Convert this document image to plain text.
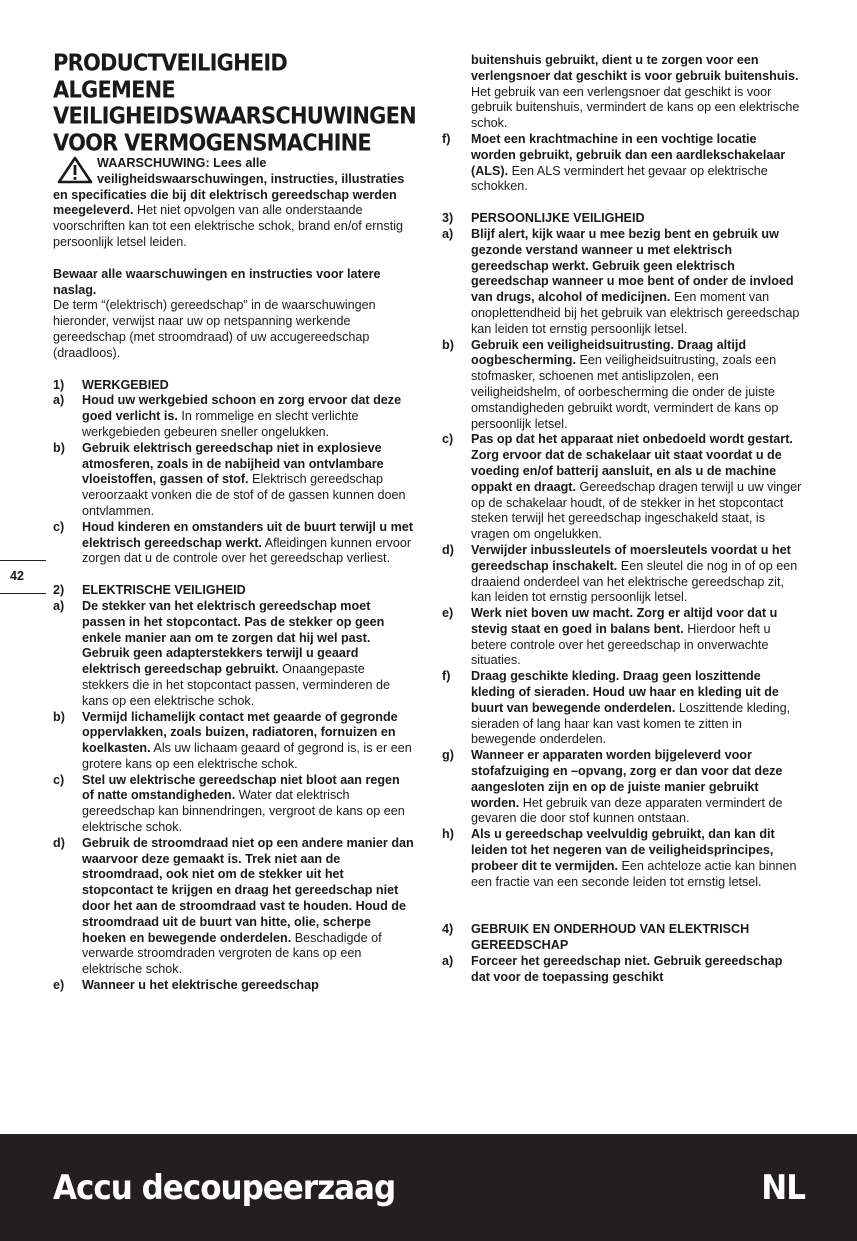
PRODUCTVEILIGHEID ALGEMENE VEILIGHEIDSWAARSCHUWINGEN VOOR VERMOGENSMACHINE
WAARSCHUWING: Lees alle veiligheidswaarschuwingen, instructies, illustraties en specificaties die bij dit elektrisch gereedschap werden meegeleverd. Het niet opvolgen van alle onderstaande voorschriften kan tot een elektrische schok, brand en/of ernstig persoonlijk letsel leiden.
Bewaar alle waarschuwingen en instructies voor latere naslag.
De term “(elektrisch) gereedschap” in de waarschuwingen hieronder, verwijst naar uw op netspanning werkende gereedschap (met stroomdraad) of uw accugereedschap (draadloos).
1)	WERKGEBIED
a)	Houd uw werkgebied schoon en zorg ervoor dat deze goed verlicht is. In rommelige en slecht verlichte werkgebieden gebeuren sneller ongelukken.
b)	Gebruik elektrisch gereedschap niet in explosieve atmosferen, zoals in de nabijheid van ontvlambare vloeistoffen, gassen of stof. Elektrisch gereedschap veroorzaakt vonken die de stof of de gassen kunnen doen ontvlammen.
c)	Houd kinderen en omstanders uit de buurt terwijl u met elektrisch gereedschap werkt. Afleidingen kunnen ervoor zorgen dat u de controle over het gereedschap verliest.
2)	ELEKTRISCHE VEILIGHEID
a)	De stekker van het elektrisch gereedschap moet passen in het stopcontact. Pas de stekker op geen enkele manier aan om te zorgen dat hij wel past. Gebruik geen adapterstekkers terwijl u geaard elektrisch gereedschap gebruikt. Onaangepaste stekkers die in het stopcontact passen, verminderen de kans op een elektrische schok.
b)	Vermijd lichamelijk contact met geaarde of gegronde oppervlakken, zoals buizen, radiatoren, fornuizen en koelkasten. Als uw lichaam geaard of gegrond is, is er een grotere kans op een elektrische schok.
c)	Stel uw elektrische gereedschap niet bloot aan regen of natte omstandigheden. Water dat elektrisch gereedschap kan binnendringen, vergroot de kans op een elektrische schok.
d)	Gebruik de stroomdraad niet op een andere manier dan waarvoor deze gemaakt is. Trek niet aan de stroomdraad, ook niet om de stekker uit het stopcontact te krijgen en draag het gereedschap niet door het aan de stroomdraad vast te houden. Houd de stroomdraad uit de buurt van hitte, olie, scherpe hoeken en bewegende onderdelen. Beschadigde of verwarde stroomdraden vergroten de kans op een elektrische schok.
e)	Wanneer u het elektrische gereedschap
buitenshuis gebruikt, dient u te zorgen voor een verlengsnoer dat geschikt is voor gebruik buitenshuis. Het gebruik van een verlengsnoer dat geschikt is voor gebruik buitenshuis, vermindert de kans op een elektrische schok.
f)	Moet een krachtmachine in een vochtige locatie worden gebruikt, gebruik dan een aardlekschakelaar (ALS). Een ALS vermindert het gevaar op elektrische schokken.
3)	PERSOONLIJKE VEILIGHEID
a)	Blijf alert, kijk waar u mee bezig bent en gebruik uw gezonde verstand wanneer u met elektrisch gereedschap werkt. Gebruik geen elektrisch gereedschap wanneer u moe bent of onder de invloed van drugs, alcohol of medicijnen. Een moment van onoplettendheid bij het gebruik van elektrisch gereedschap kan leiden tot ernstig persoonlijk letsel.
b)	Gebruik een veiligheidsuitrusting. Draag altijd oogbescherming. Een veiligheidsuitrusting, zoals een stofmasker, schoenen met antislipzolen, een veiligheidshelm, of oorbescherming die onder de juiste omstandigheden gebruikt wordt, vermindert de kans op persoonlijk letsel.
c)	Pas op dat het apparaat niet onbedoeld wordt gestart. Zorg ervoor dat de schakelaar uit staat voordat u de voeding en/of batterij aansluit, en als u de machine oppakt en draagt. Gereedschap dragen terwijl u uw vinger op de schakelaar houdt, of de stekker in het stopcontact steken terwijl het gereedschap ingeschakeld staat, is vragen om ongelukken.
d)	Verwijder inbussleutels of moersleutels voordat u het gereedschap inschakelt. Een sleutel die nog in of op een draaiend onderdeel van het elektrische gereedschap zit, kan leiden tot ernstig persoonlijk letsel.
e)	Werk niet boven uw macht. Zorg er altijd voor dat u stevig staat en goed in balans bent. Hierdoor heft u betere controle over het gereedschap in onverwachte situaties.
f)	Draag geschikte kleding. Draag geen loszittende kleding of sieraden. Houd uw haar en kleding uit de buurt van bewegende onderdelen. Loszittende kleding, sieraden of lang haar kan vast komen te zitten in bewegende onderdelen.
g)	Wanneer er apparaten worden bijgeleverd voor stofafzuiging en –opvang, zorg er dan voor dat deze aangesloten zijn en op de juiste manier gebruikt worden. Het gebruik van deze apparaten vermindert de gevaren die door stof kunnen ontstaan.
h)	Als u gereedschap veelvuldig gebruikt, dan kan dit leiden tot het negeren van de veiligheidsprincipes, probeer dit te vermijden. Een achteloze actie kan binnen een fractie van een seconde leiden tot ernstig letsel.
4)	GEBRUIK EN ONDERHOUD VAN ELEKTRISCH GEREEDSCHAP
a)	Forceer het gereedschap niet. Gebruik gereedschap dat voor de toepassing geschikt
42
Accu decoupeerzaag	NL
